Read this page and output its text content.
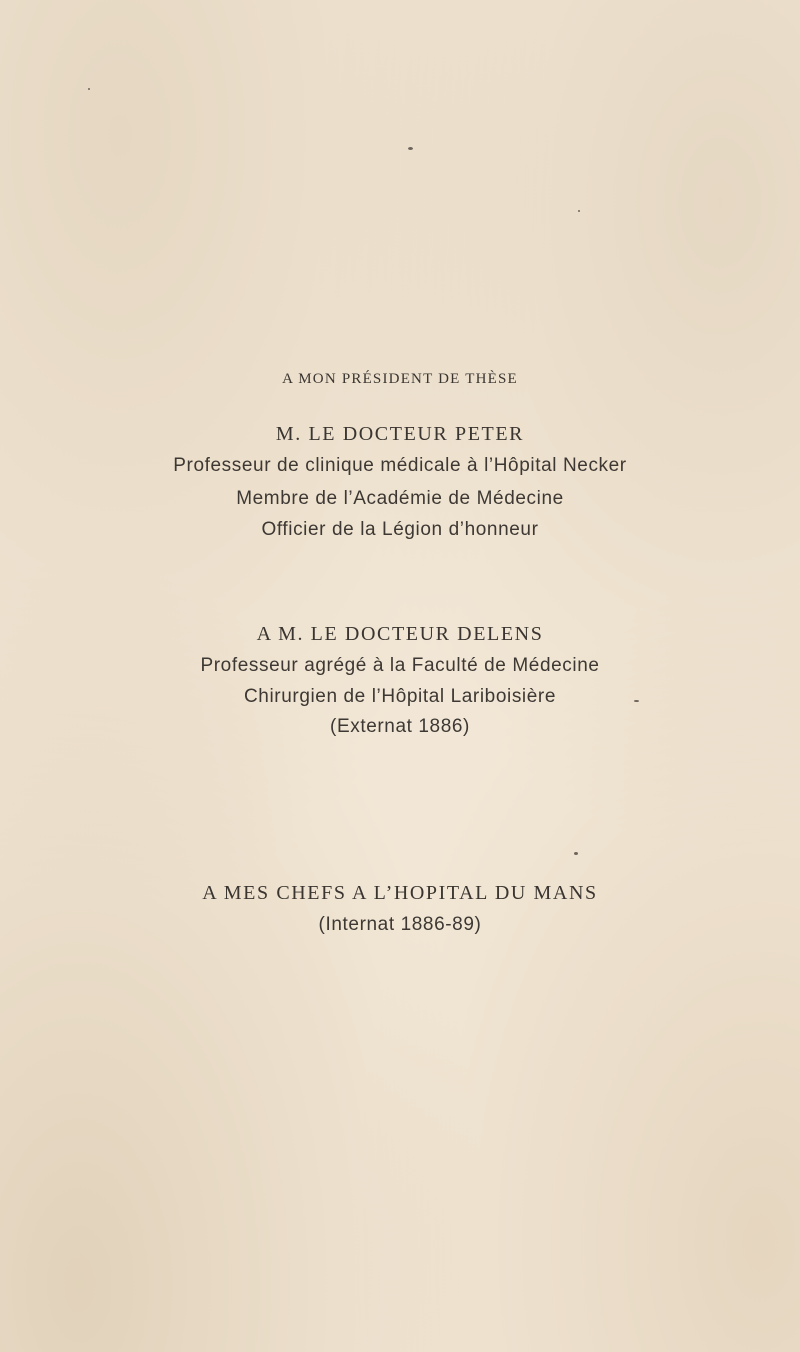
A MON PRÉSIDENT DE THÈSE
M. LE DOCTEUR PETER
Professeur de clinique médicale à l’Hôpital Necker
Membre de l’Académie de Médecine
Officier de la Légion d’honneur
A M. LE DOCTEUR DELENS
Professeur agrégé à la Faculté de Médecine
Chirurgien de l’Hôpital Lariboisière
(Externat 1886)
A MES CHEFS A L’HOPITAL DU MANS
(Internat 1886-89)
